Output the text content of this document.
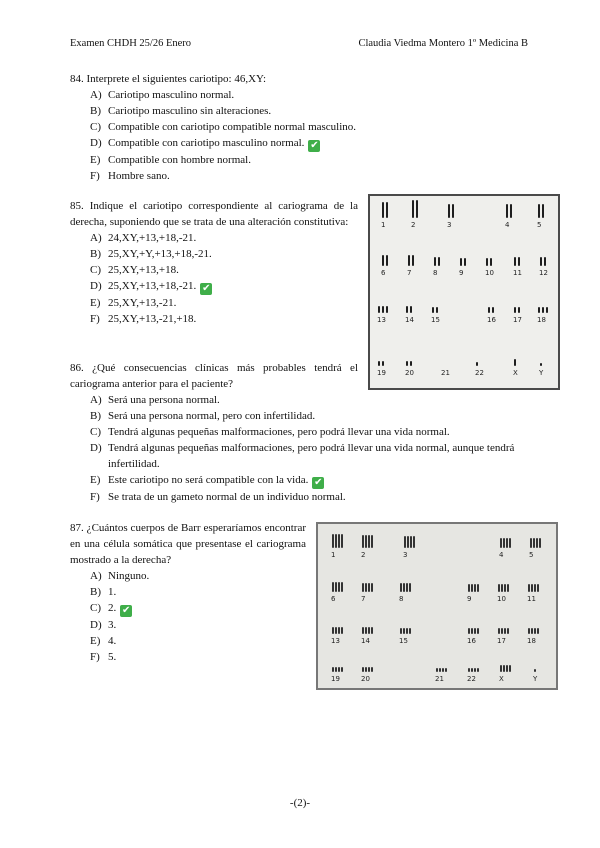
Examen CHDH 25/26 Enero	Claudia Viedma Montero 1º Medicina B
84. Interprete el siguientes cariotipo: 46,XY:
A) Cariotipo masculino normal.
B) Cariotipo masculino sin alteraciones.
C) Compatible con cariotipo compatible normal masculino.
D) Compatible con cariotipo masculino normal. ✔
E) Compatible con hombre normal.
F) Hombre sano.
85. Indique el cariotipo correspondiente al cariograma de la derecha, suponiendo que se trata de una alteración constitutiva:
A) 24,XY,+13,+18,-21.
B) 25,XY,+Y,+13,+18,-21.
C) 25,XY,+13,+18.
D) 25,XY,+13,+18,-21. ✔
E) 25,XY,+13,-21.
F) 25,XY,+13,-21,+18.
86. ¿Qué consecuencias clínicas más probables tendrá el cariograma anterior para el paciente?
A) Será una persona normal.
B) Será una persona normal, pero con infertilidad.
C) Tendrá algunas pequeñas malformaciones, pero podrá llevar una vida normal.
D) Tendrá algunas pequeñas malformaciones, pero podrá llevar una vida normal, aunque tendrá infertilidad.
E) Este cariotipo no será compatible con la vida. ✔
F) Se trata de un gameto normal de un individuo normal.
87. ¿Cuántos cuerpos de Barr esperaríamos encontrar en una célula somática que presentase el cariograma mostrado a la derecha?
A) Ninguno.
B) 1.
C) 2. ✔
D) 3.
E) 4.
F) 5.
1	2	3	4	5
6	7	8	9	10	11 12
13	14 15	16 17 18
19	20	21	22	X	Y
1	2	3	4	5
6	7	8	9	10	11
13	14	15	16	17	18
19	20	21	22	X	Y
-(2)-
